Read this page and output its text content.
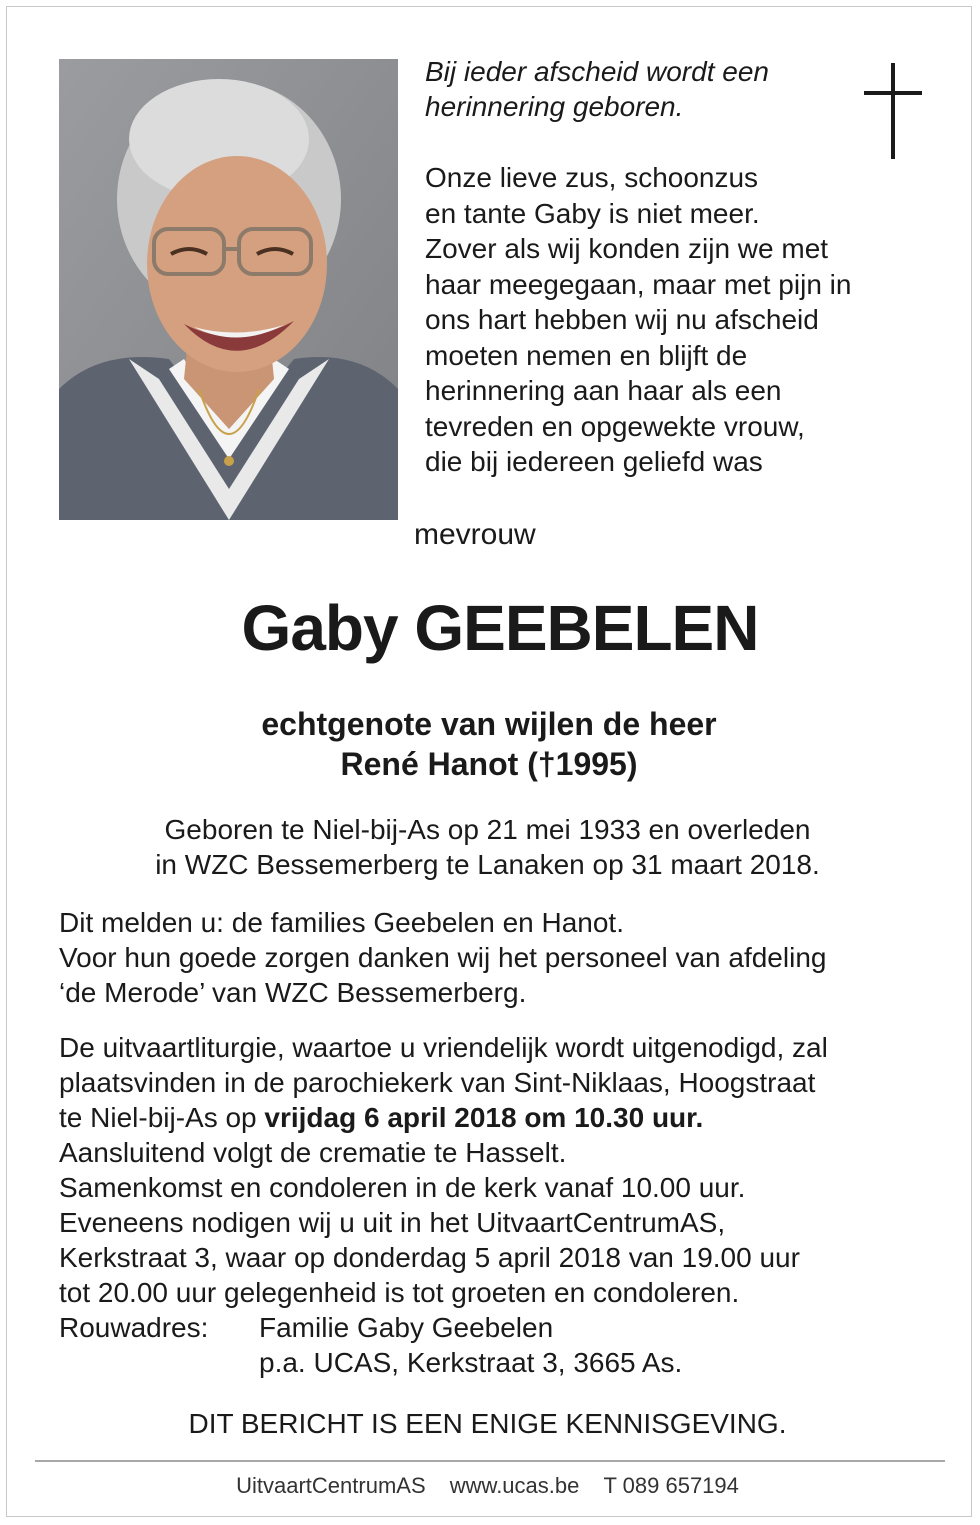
Bij ieder afscheid wordt een
herinnering geboren.
Onze lieve zus, schoonzus
en tante Gaby is niet meer.
Zover als wij konden zijn we met
haar meegegaan, maar met pijn in
ons hart hebben wij nu afscheid
moeten nemen en blijft de
herinnering aan haar als een
tevreden en opgewekte vrouw,
die bij iedereen geliefd was
mevrouw
Gaby GEEBELEN
echtgenote van wijlen de heer
René Hanot (†1995)
Geboren te Niel-bij-As op 21 mei 1933 en overleden
in WZC Bessemerberg te Lanaken op 31 maart 2018.
Dit melden u: de families Geebelen en Hanot.
Voor hun goede zorgen danken wij het personeel van afdeling
‘de Merode’ van WZC Bessemerberg.
De uitvaartliturgie, waartoe u vriendelijk wordt uitgenodigd, zal
plaatsvinden in de parochiekerk van Sint-Niklaas, Hoogstraat
te Niel-bij-As op vrijdag 6 april 2018 om 10.30 uur.
Aansluitend volgt de crematie te Hasselt.
Samenkomst en condoleren in de kerk vanaf 10.00 uur.
Eveneens nodigen wij u uit in het UitvaartCentrumAS,
Kerkstraat 3, waar op donderdag 5 april 2018 van 19.00 uur
tot 20.00 uur gelegenheid is tot groeten en condoleren.
Rouwadres: Familie Gaby Geebelen
p.a. UCAS, Kerkstraat 3, 3665 As.
DIT BERICHT IS EEN ENIGE KENNISGEVING.
UitvaartCentrumAS www.ucas.be T 089 657194
